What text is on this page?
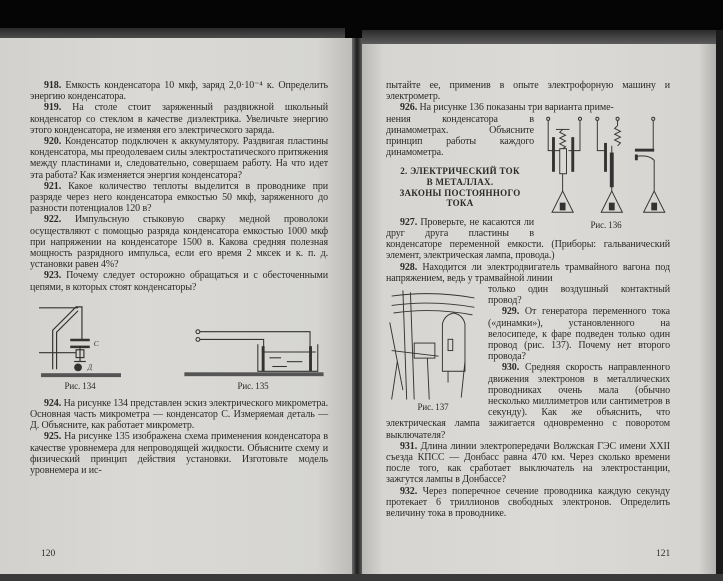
918. Емкость конденсатора 10 мкф, заряд 2,0·10⁻⁴ к. Определить энергию конденсатора.

919. На столе стоит заряженный раздвижной школьный конденсатор со стеклом в качестве диэлектрика. Увеличьте энергию этого конденсатора, не изменяя его электрического заряда.

920. Конденсатор подключен к аккумулятору. Раздвигая пластины конденсатора, мы преодолеваем силы электростатического притяжения между пластинами и, следовательно, совершаем работу. На что идет эта работа? Как изменяется энергия конденсатора?

921. Какое количество теплоты выделится в проводнике при разряде через него конденсатора емкостью 50 мкф, заряженного до разности потенциалов 120 в?

922. Импульсную стыковую сварку медной проволоки осуществляют с помощью разряда конденсатора емкостью 1000 мкф при напряжении на конденсаторе 1500 в. Какова средняя полезная мощность разрядного импульса, если его время 2 мксек и к. п. д. установки равен 4%?

923. Почему следует осторожно обращаться и с обесточенными цепями, в которых стоят конденсаторы?

C
Д
Рис. 134	Рис. 135

924. На рисунке 134 представлен эскиз электрического микрометра. Основная часть микрометра — конденсатор С. Измеряемая деталь — Д. Объясните, как работает микрометр.

925. На рисунке 135 изображена схема применения конденсатора в качестве уровнемера для непроводящей жидкости. Объясните схему и физический принцип действия установки. Изготовьте модель уровнемера и ис-

120

пытайте ее, применив в опыте электрофорную машину и электрометр.

926. На рисунке 136 показаны три варианта приме-

Рис. 136

нения конденсатора в динамометрах. Объясните принцип работы каждого динамометра.

2. ЭЛЕКТРИЧЕСКИЙ ТОК
В МЕТАЛЛАХ.
ЗАКОНЫ ПОСТОЯННОГО ТОКА

927. Проверьте, не касаются ли друг друга пластины в конденсаторе переменной емкости. (Приборы: гальванический элемент, электрическая лампа, провода.)

928. Находится ли электродвигатель трамвайного вагона под напряжением, ведь у трамвайной линии

Рис. 137

только один воздушный контактный провод?

929. От генератора переменного тока («динамки»), установленного на велосипеде, к фаре подведен только один провод (рис. 137). Почему нет второго провода?

930. Средняя скорость направленного движения электронов в металлических проводниках очень мала (обычно несколько миллиметров или сантиметров в секунду). Как же объяснить, что электрическая лампа зажигается одновременно с поворотом выключателя?

931. Длина линии электропередачи Волжская ГЭС имени XXII съезда КПСС — Донбасс равна 470 км. Через сколько времени после того, как сработает выключатель на электростанции, зажгутся лампы в Донбассе?

932. Через поперечное сечение проводника каждую секунду протекает 6 триллионов свободных электронов. Определить величину тока в проводнике.

121
